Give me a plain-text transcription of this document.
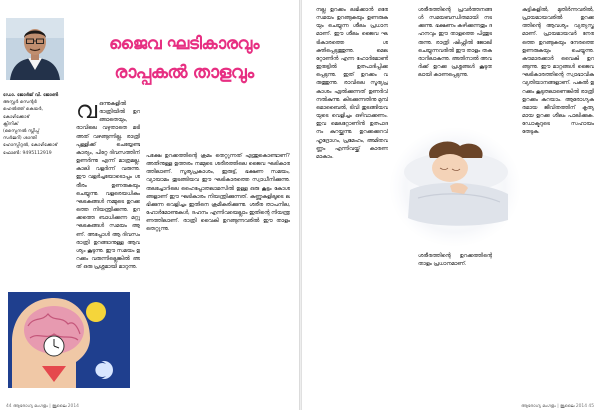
ഡോ. ജോർജ് വി. ജോൺ
അസ്റ്റർ സെന്റർ
ഹെൽത്ത് കെയർ,
കോഴിക്കോട്
ക്ലിനിക്
(സ്പൈനൽ സ്ലീപ്പ്
സർജറി) ശാന്തി
ഹോസ്പിറ്റൽ, കോഴിക്കോട്
ഫോൺ: 9495112919
ജൈവ ഘടികാരവും
രാപ്പകൽ താളവും
വ ഒന്നുകളിൽ രാത്രിയിൽ ഉറങ്ങാതെയും, രാവിലെ വഴുതാതെ മടി അത് വഴങ്ങുന്നില്ല. രാത്രി പുള്ളിക്ക് ചെയ്യേണ്ട കാര്യം, പിറ്റേ ദിവസത്തിന് ഉണർന്നു എന്ന് മാത്രമല്ല. കാലി വളർന്ന് വരുന്നു. ഈ വളർച്ചയോടൊപ്പം ശരീരം ഉണരുകയും ചെയ്യുന്നു. വളരെയധികം ഘടകങ്ങൾ നമ്മുടെ ഉറക്കത്തെ നിയന്ത്രിക്കുന്നു. ഉറക്കത്തെ ബാധിക്കുന്ന മറ്റു ഘടകങ്ങൾ സമയം ആണ്. അപ്പോൾ ആ ദിവസം രാത്രി ഉറങ്ങാനുള്ള ആവശ്യം കൂടുന്നു. ഈ സമയം ഉറക്കം വരുന്നില്ലെങ്കിൽ അത് ഒരു പ്രശ്നമായി മാറുന്നു.

പക്ഷേ ഉറക്കത്തിന്റെ ക്രമം തെറ്റുന്നത് എന്തുകൊണ്ടാണ്? അതിനുള്ള ഉത്തരം നമ്മുടെ ശരീരത്തിലെ ജൈവ ഘടികാരത്തിലാണ്. സൂര്യപ്രകാശം, ഇരുട്ട്, ഭക്ഷണ സമയം, വ്യായാമം തുടങ്ങിയവ ഈ ഘടികാരത്തെ സ്വാധീനിക്കുന്നു. തലച്ചോറിലെ ഹൈപ്പോതലാമസിൽ ഉള്ള ഒരു കൂട്ടം കോശങ്ങളാണ് ഈ ഘടികാരം നിയന്ത്രിക്കുന്നത്. കണ്ണുകളിലൂടെ ലഭിക്കുന്ന വെളിച്ചം ഇതിനെ ക്രമീകരിക്കുന്നു. ശരീര താപനില, ഹോർമോണുകൾ, ദഹനം എന്നിവയെല്ലാം ഇതിന്റെ നിയന്ത്രണത്തിലാണ്. രാത്രി വൈകി ഉറങ്ങുന്നവരിൽ ഈ താളം തെറ്റുന്നു.

44 ആരോഗ്യ മംഗളം | ജൂലൈ 2014

നല്ല ഉറക്കം ലഭിക്കാൻ ഒരേ സമയം ഉറങ്ങുകയും ഉണരുകയും ചെയ്യുന്ന ശീലം പ്രധാനമാണ്. ഈ ശീലം ജൈവ ഘടികാരത്തെ ശക്തിപ്പെടുത്തുന്നു. മെലറ്റോണിൻ എന്ന ഹോർമോൺ ഇരുട്ടിൽ ഉത്പാദിപ്പിക്കപ്പെടുന്നു. ഇത് ഉറക്കം വരുത്തുന്നു. രാവിലെ സൂര്യപ്രകാശം ഏൽക്കുന്നത് ഉണർവ് നൽകുന്നു. കിടക്കുന്നതിനു മുമ്പ് മൊബൈൽ, ടിവി തുടങ്ങിയവയുടെ വെളിച്ചം ഒഴിവാക്കണം. ഇവ മെലറ്റോണിൻ ഉത്പാദനം കുറയ്ക്കുന്നു. ഉറക്കക്കുറവ് ഹൃദ്രോഗം, പ്രമേഹം, അമിതവണ്ണം എന്നിവയ്ക്ക് കാരണമാകാം.

ശരീരത്തിന്റെ പ്രവർത്തനങ്ങൾ സമയബന്ധിതമായി നടക്കുന്നു. ഭക്ഷണം കഴിക്കുന്നതും ദഹനവും ഈ താളത്തെ പിന്തുടരുന്നു. രാത്രി ഷിഫ്റ്റിൽ ജോലി ചെയ്യുന്നവരിൽ ഈ താളം തകരാറിലാകുന്നു. അതിനാൽ അവർക്ക് ഉറക്ക പ്രശ്നങ്ങൾ കൂടുതലായി കാണപ്പെടുന്നു.

ശരീരത്തിന്റെ ഉറക്കത്തിന്റെ താളം പ്രധാനമാണ്.

കുട്ടികളിൽ, മുതിർന്നവരിൽ, പ്രായമായവരിൽ ഉറക്കത്തിന്റെ ആവശ്യം വ്യത്യസ്തമാണ്. പ്രായമായവർ നേരത്തെ ഉറങ്ങുകയും നേരത്തെ ഉണരുകയും ചെയ്യുന്നു. കൗമാരക്കാർ വൈകി ഉറങ്ങുന്നു. ഈ മാറ്റങ്ങൾ ജൈവ ഘടികാരത്തിന്റെ സ്വാഭാവിക വ്യതിയാനങ്ങളാണ്. പകൽ ഉറക്കം കൂടുതലാണെങ്കിൽ രാത്രി ഉറക്കം കുറയാം. ആരോഗ്യകരമായ ജീവിതത്തിന് കൃത്യമായ ഉറക്ക ശീലം പാലിക്കുക. ഡോക്ടറുടെ സഹായം തേടുക.

ആരോഗ്യ മംഗളം | ജൂലൈ 2014 45
